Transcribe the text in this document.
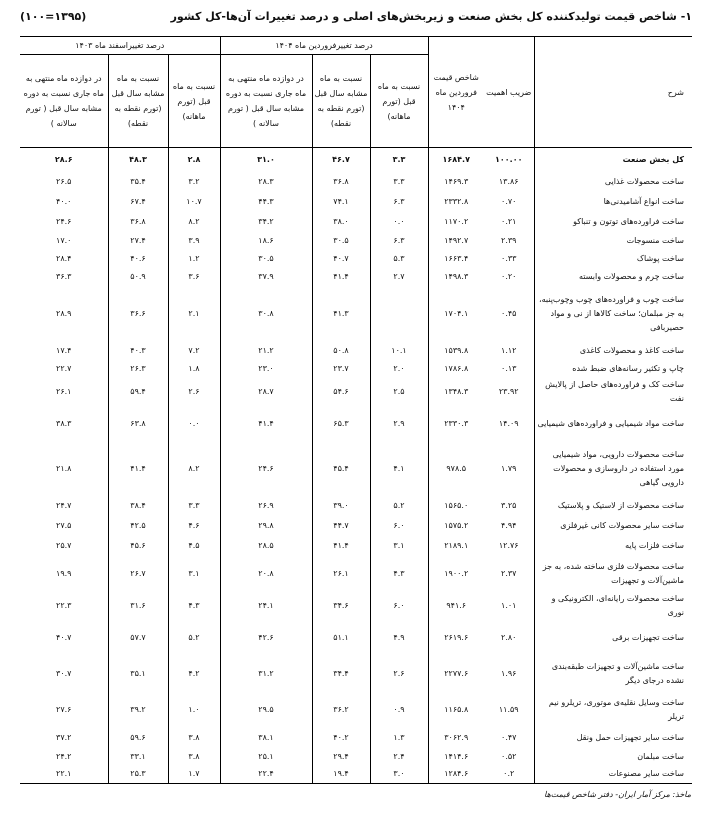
۱- شاخص قیمت تولیدکننده کل بخش صنعت و زیربخش‌های اصلی و درصد تغییرات آن‌ها-کل کشور
(۱۰۰=۱۳۹۵)
شرح	ضریب اهمیت	شاخص قیمت فروردین ماه ۱۴۰۴	درصد تغییرفروردین ماه ۱۴۰۴			درصد تغییراسفند ماه ۱۴۰۳		
			نسبت به ماه قبل (تورم ماهانه)	نسبت به ماه مشابه سال قبل (تورم نقطه به نقطه)	در دوازده ماه منتهی به ماه جاری نسبت به دوره مشابه سال قبل ( تورم سالانه )	نسبت به ماه قبل (تورم ماهانه)	نسبت به ماه مشابه سال قبل (تورم نقطه به نقطه)	در دوازده ماه منتهی به ماه جاری نسبت به دوره مشابه سال قبل ( تورم سالانه )
کل بخش صنعت	۱۰۰.۰۰	۱۶۸۴.۷	۳.۳	۴۶.۷	۳۱.۰	۲.۸	۴۸.۳	۲۸.۶
ساخت محصولات غذایی	۱۳.۸۶	۱۴۶۹.۳	۳.۳	۳۶.۸	۲۸.۳	۳.۲	۳۵.۴	۲۶.۵
ساخت انواع آشامیدنی‌ها	۰.۷۰	۲۳۳۲.۸	۶.۳	۷۴.۱	۴۴.۳	۱۰.۷	۶۷.۴	۴۰.۰
ساخت فراورده‌های توتون و تنباکو	۰.۲۱	۱۱۷۰.۲	۰.۰	۳۸.۰	۳۴.۲	۸.۲	۳۶.۸	۲۴.۶
ساخت منسوجات	۲.۳۹	۱۴۹۲.۷	۶.۳	۳۰.۵	۱۸.۶	۳.۹	۲۷.۴	۱۷.۰
ساخت پوشاک	۰.۳۳	۱۶۶۳.۴	۵.۳	۴۰.۷	۳۰.۵	۱.۲	۴۰.۶	۲۸.۴
ساخت چرم و محصولات وابسته	۰.۲۰	۱۴۹۸.۳	۲.۷	۴۱.۴	۳۷.۹	۳.۶	۵۰.۹	۳۶.۳
ساخت چوب و فراورده‌های چوب وچوب‌پنبه، به جز مبلمان؛ ساخت کالاها از نی و مواد حصیربافی	۰.۴۵	۱۷۰۴.۱		۴۱.۳	۳۰.۸	۲.۱	۳۶.۶	۲۸.۹
ساخت کاغذ و محصولات کاغذی	۱.۱۲	۱۵۳۹.۸	۱۰.۱	۵۰.۸	۲۱.۲	۷.۲	۴۰.۳	۱۷.۴
چاپ و تکثیر رسانه‌های ضبط شده	۰.۱۳	۱۷۸۶.۸	۲.۰	۲۳.۷	۲۳.۰	۱.۸	۲۶.۳	۲۲.۷
ساخت کک و فراورده‌های حاصل از پالایش نفت	۲۳.۹۲	۱۳۴۸.۳	۲.۵	۵۴.۶	۲۸.۷	۲.۶	۵۹.۴	۲۶.۱
ساخت مواد شیمیایی و فراورده‌های شیمیایی	۱۴.۰۹	۲۳۳۰.۳	۲.۹	۶۵.۳	۴۱.۴	۰.۰	۶۳.۸	۳۸.۳
ساخت محصولات دارویی، مواد شیمیایی مورد استفاده در داروسازی و محصولات دارویی گیاهی	۱.۷۹	۹۷۸.۵	۴.۱	۴۵.۴	۲۴.۶	۸.۲	۴۱.۴	۲۱.۸
ساخت محصولات از لاستیک و پلاستیک	۳.۲۵	۱۵۶۵.۰	۵.۲	۳۹.۰	۲۶.۹	۳.۳	۳۸.۴	۲۴.۷
ساخت سایر محصولات کانی غیرفلزی	۴.۹۴	۱۵۷۵.۲	۶.۰	۴۴.۷	۲۹.۸	۴.۶	۴۲.۵	۲۷.۵
ساخت فلزات پایه	۱۲.۷۶	۲۱۸۹.۱	۳.۱	۴۱.۴	۲۸.۵	۴.۵	۴۵.۶	۲۵.۷
ساخت محصولات فلزی ساخته شده، به جز ماشین‌آلات و تجهیزات	۲.۳۷	۱۹۰۰.۲	۴.۳	۲۶.۱	۲۰.۸	۳.۱	۲۶.۷	۱۹.۹
ساخت محصولات رایانه‌ای، الکترونیکی و نوری	۱.۰۱	۹۴۱.۶	۶.۰	۳۴.۶	۲۴.۱	۴.۳	۳۱.۶	۲۲.۳
ساخت تجهیزات برقی	۲.۸۰	۲۶۱۹.۶	۴.۹	۵۱.۱	۴۲.۶	۵.۲	۵۷.۷	۴۰.۷
ساخت ماشین‌آلات و تجهیزات طبقه‌بندی نشده درجای دیگر	۱.۹۶	۲۲۷۷.۶	۲.۶	۳۴.۴	۳۱.۲	۴.۲	۳۵.۱	۳۰.۷
ساخت وسایل نقلیه‌ی موتوری، تریلرو نیم تریلر	۱۱.۵۹	۱۱۶۵.۸	۰.۹	۳۶.۲	۲۹.۵	۱.۰	۳۹.۲	۲۷.۶
ساخت سایر تجهیزات حمل ونقل	۰.۴۷	۳۰۶۲.۹	۱.۳	۴۰.۲	۳۸.۱	۳.۸	۵۹.۶	۳۷.۲
ساخت مبلمان	۰.۵۲	۱۴۱۴.۶	۲.۴	۲۹.۴	۲۵.۱	۳.۸	۳۳.۱	۲۴.۲
ساخت سایر مصنوعات	۰.۲	۱۲۸۴.۶	۳.۰	۱۹.۴	۲۲.۴	۱.۷	۲۵.۳	۲۲.۱
ماخذ: مرکز آمار ایران- دفتر شاخص قیمت‌ها
